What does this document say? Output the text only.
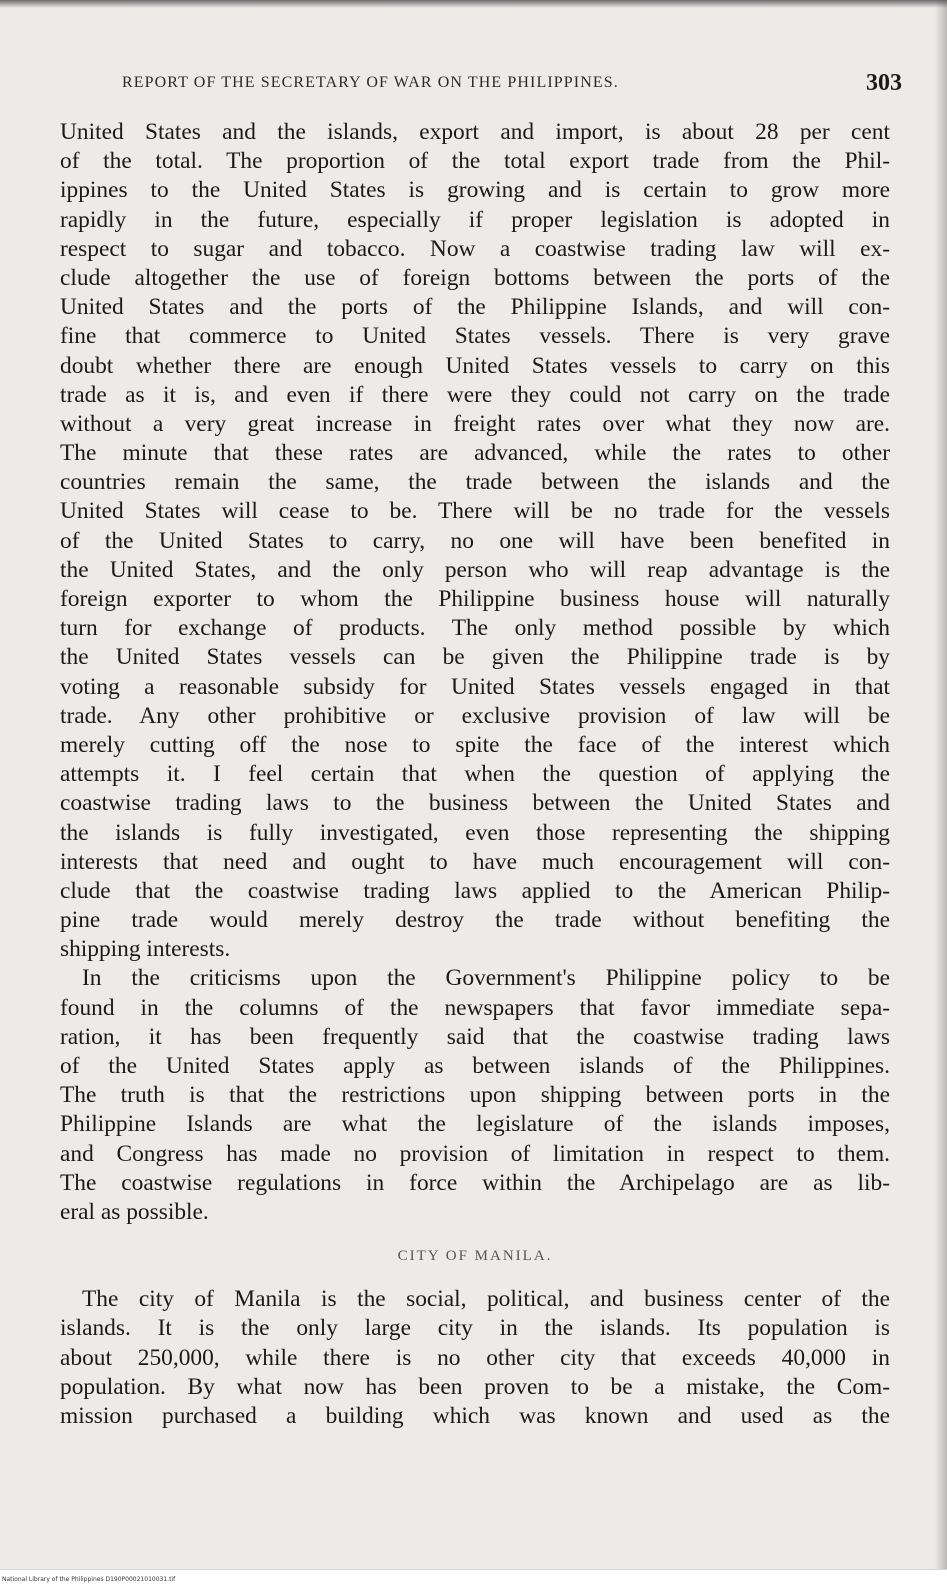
REPORT OF THE SECRETARY OF WAR ON THE PHILIPPINES.	303
United States and the islands, export and import, is about 28 per cent
of the total. The proportion of the total export trade from the Phil-
ippines to the United States is growing and is certain to grow more
rapidly in the future, especially if proper legislation is adopted in
respect to sugar and tobacco. Now a coastwise trading law will ex-
clude altogether the use of foreign bottoms between the ports of the
United States and the ports of the Philippine Islands, and will con-
fine that commerce to United States vessels. There is very grave
doubt whether there are enough United States vessels to carry on this
trade as it is, and even if there were they could not carry on the trade
without a very great increase in freight rates over what they now are.
The minute that these rates are advanced, while the rates to other
countries remain the same, the trade between the islands and the
United States will cease to be. There will be no trade for the vessels
of the United States to carry, no one will have been benefited in
the United States, and the only person who will reap advantage is the
foreign exporter to whom the Philippine business house will naturally
turn for exchange of products. The only method possible by which
the United States vessels can be given the Philippine trade is by
voting a reasonable subsidy for United States vessels engaged in that
trade. Any other prohibitive or exclusive provision of law will be
merely cutting off the nose to spite the face of the interest which
attempts it. I feel certain that when the question of applying the
coastwise trading laws to the business between the United States and
the islands is fully investigated, even those representing the shipping
interests that need and ought to have much encouragement will con-
clude that the coastwise trading laws applied to the American Philip-
pine trade would merely destroy the trade without benefiting the
shipping interests.
In the criticisms upon the Government's Philippine policy to be
found in the columns of the newspapers that favor immediate sepa-
ration, it has been frequently said that the coastwise trading laws
of the United States apply as between islands of the Philippines.
The truth is that the restrictions upon shipping between ports in the
Philippine Islands are what the legislature of the islands imposes,
and Congress has made no provision of limitation in respect to them.
The coastwise regulations in force within the Archipelago are as lib-
eral as possible.
CITY OF MANILA.
The city of Manila is the social, political, and business center of the
islands. It is the only large city in the islands. Its population is
about 250,000, while there is no other city that exceeds 40,000 in
population. By what now has been proven to be a mistake, the Com-
mission purchased a building which was known and used as the
National Library of the Philippines D190P00021010031.tif
